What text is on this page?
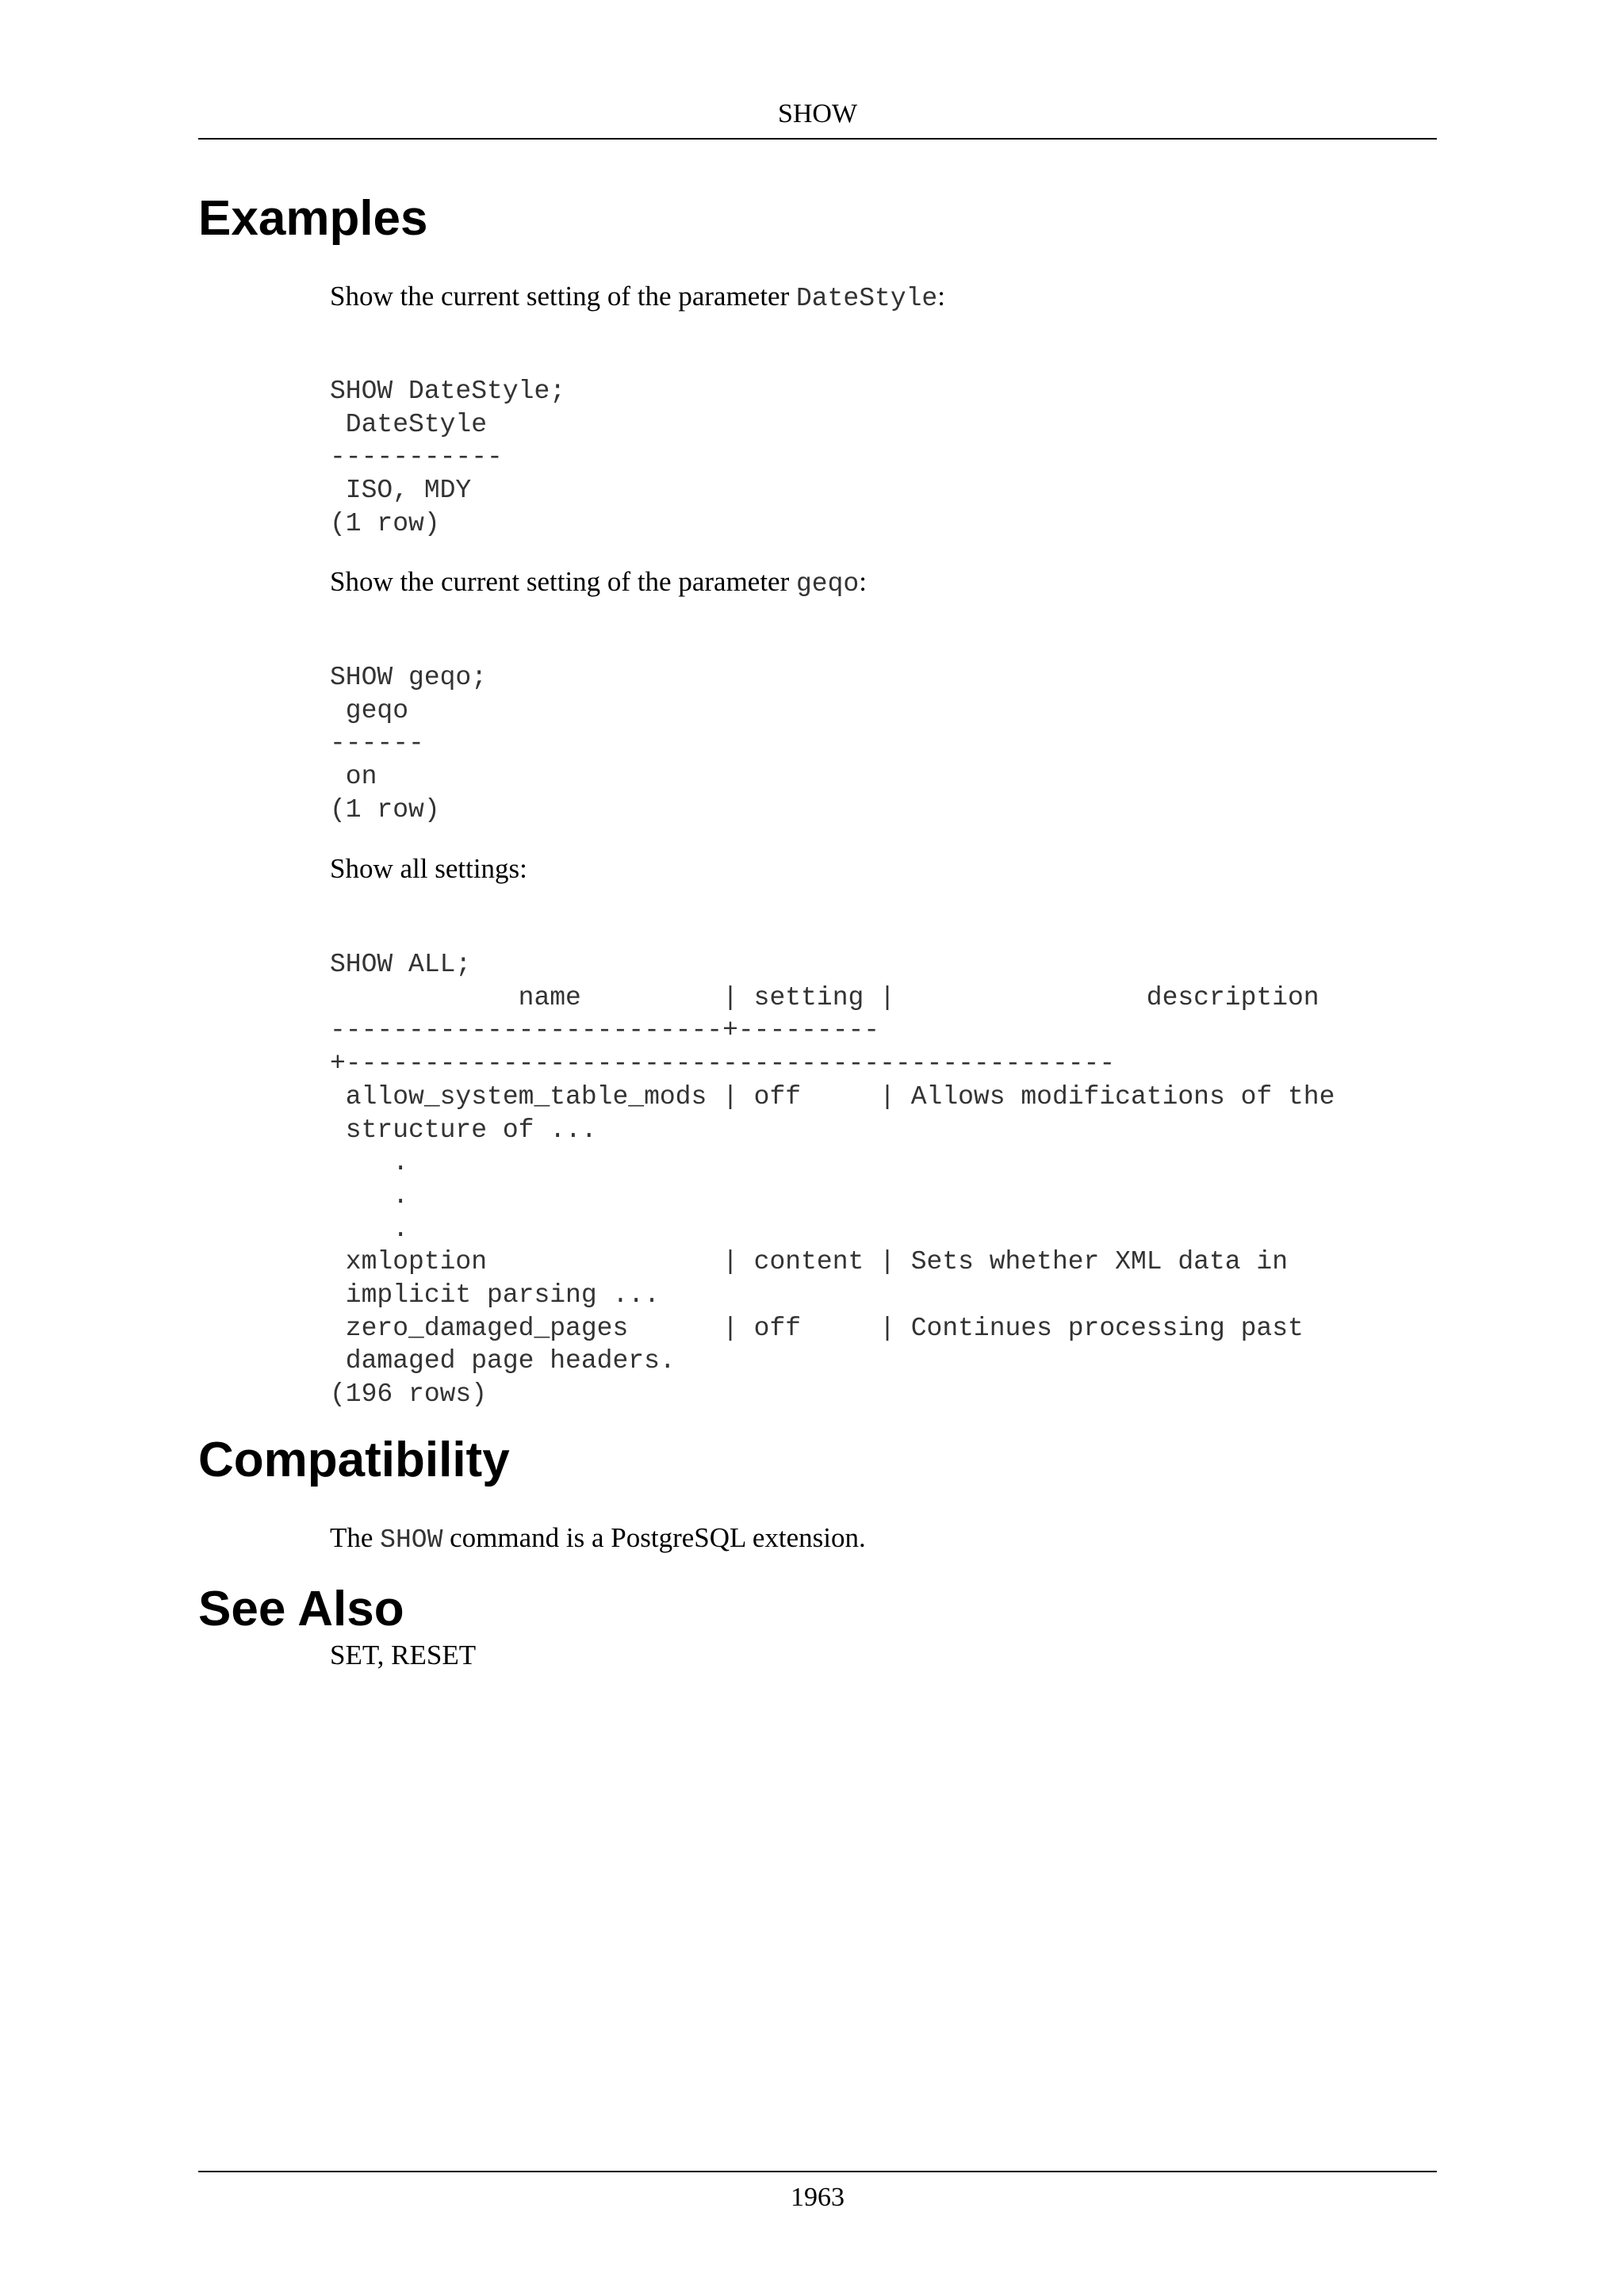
SHOW
Examples

Show the current setting of the parameter DateStyle:

SHOW DateStyle;
DateStyle
-----------
ISO, MDY
(1 row)

Show the current setting of the parameter geqo:

SHOW geqo;
geqo
------
on
(1 row)

Show all settings:

SHOW ALL;
name         | setting |                description
-------------------------+---------
+-------------------------------------------------
allow_system_table_mods | off     | Allows modifications of the
structure of ...
.
.
.
xmloption               | content | Sets whether XML data in
implicit parsing ...
zero_damaged_pages      | off     | Continues processing past
damaged page headers.
(196 rows)
Compatibility

The SHOW command is a PostgreSQL extension.

See Also

SET, RESET

1963
